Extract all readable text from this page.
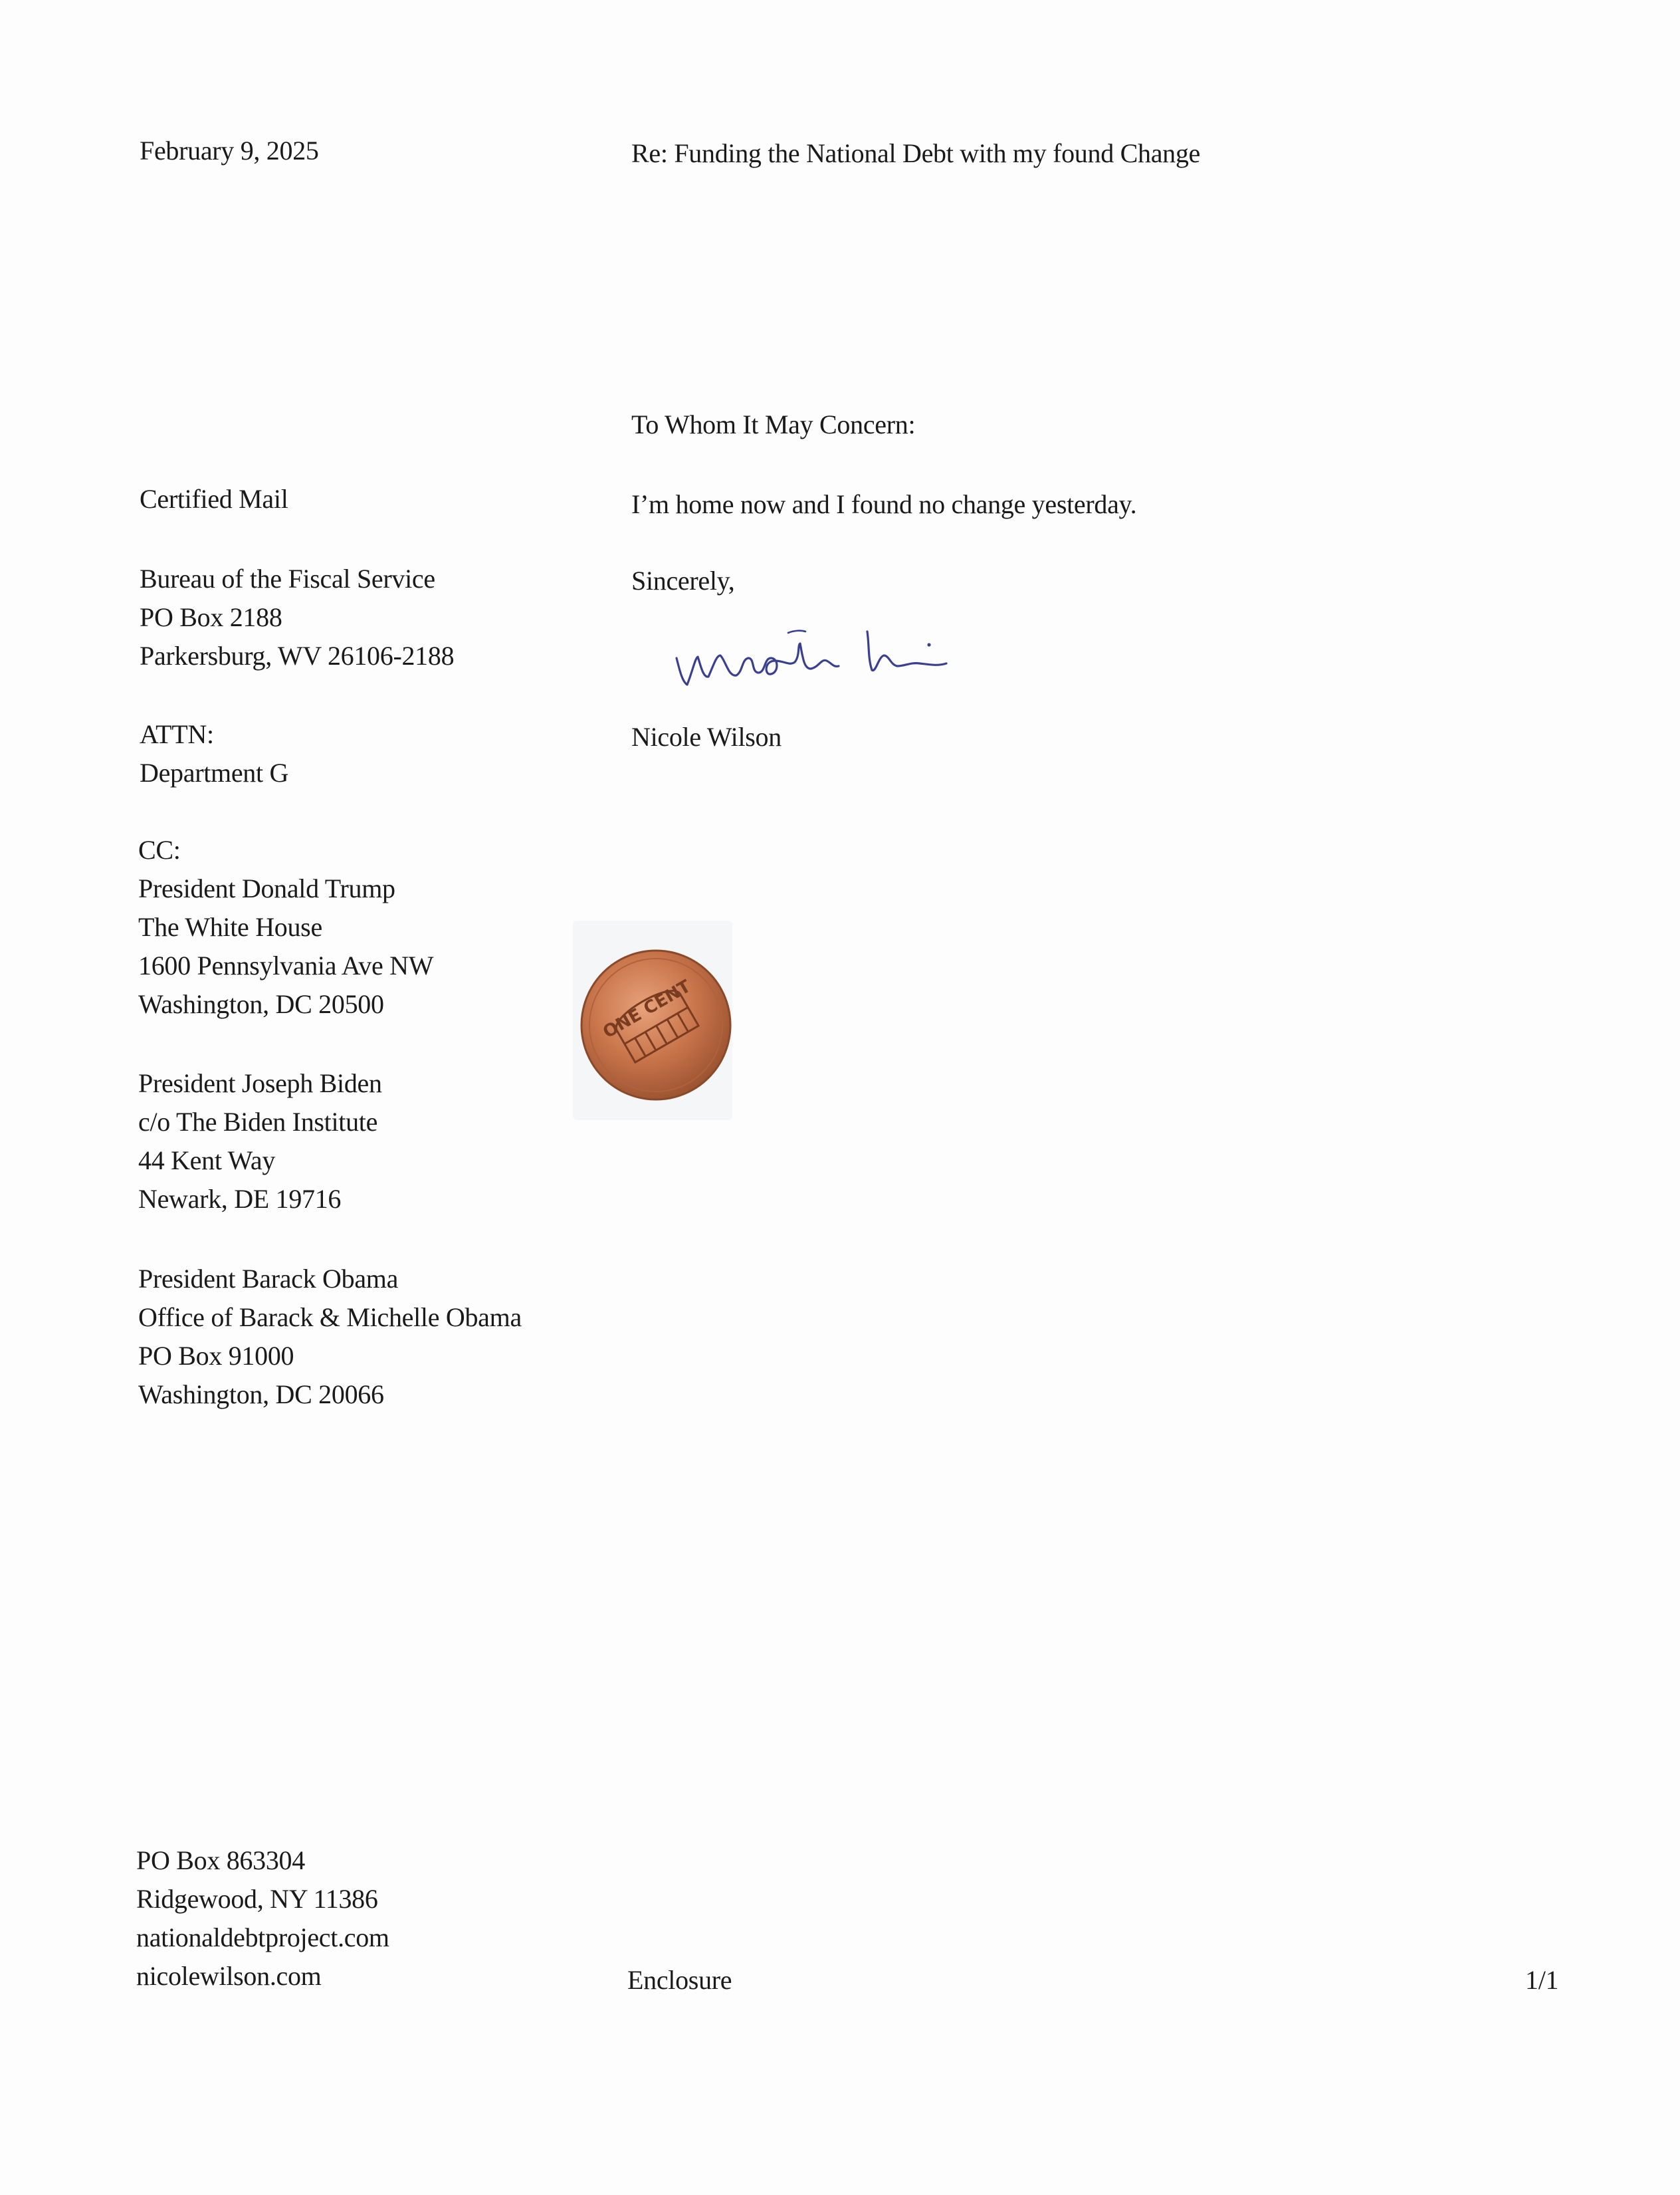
February 9, 2025	Re: Funding the National Debt with my found Change
To Whom It May Concern:
I’m home now and I found no change yesterday.
Sincerely,
Nicole Wilson
Certified Mail
Bureau of the Fiscal Service
PO Box 2188
Parkersburg, WV 26106-2188
ATTN:
Department G
CC:
President Donald Trump
The White House
1600 Pennsylvania Ave NW
Washington, DC 20500
President Joseph Biden
c/o The Biden Institute
44 Kent Way
Newark, DE 19716
President Barack Obama
Office of Barack & Michelle Obama
PO Box 91000
Washington, DC 20066
ONE CENT
PO Box 863304
Ridgewood, NY 11386
nationaldebtproject.com
nicolewilson.com	Enclosure	1/1
